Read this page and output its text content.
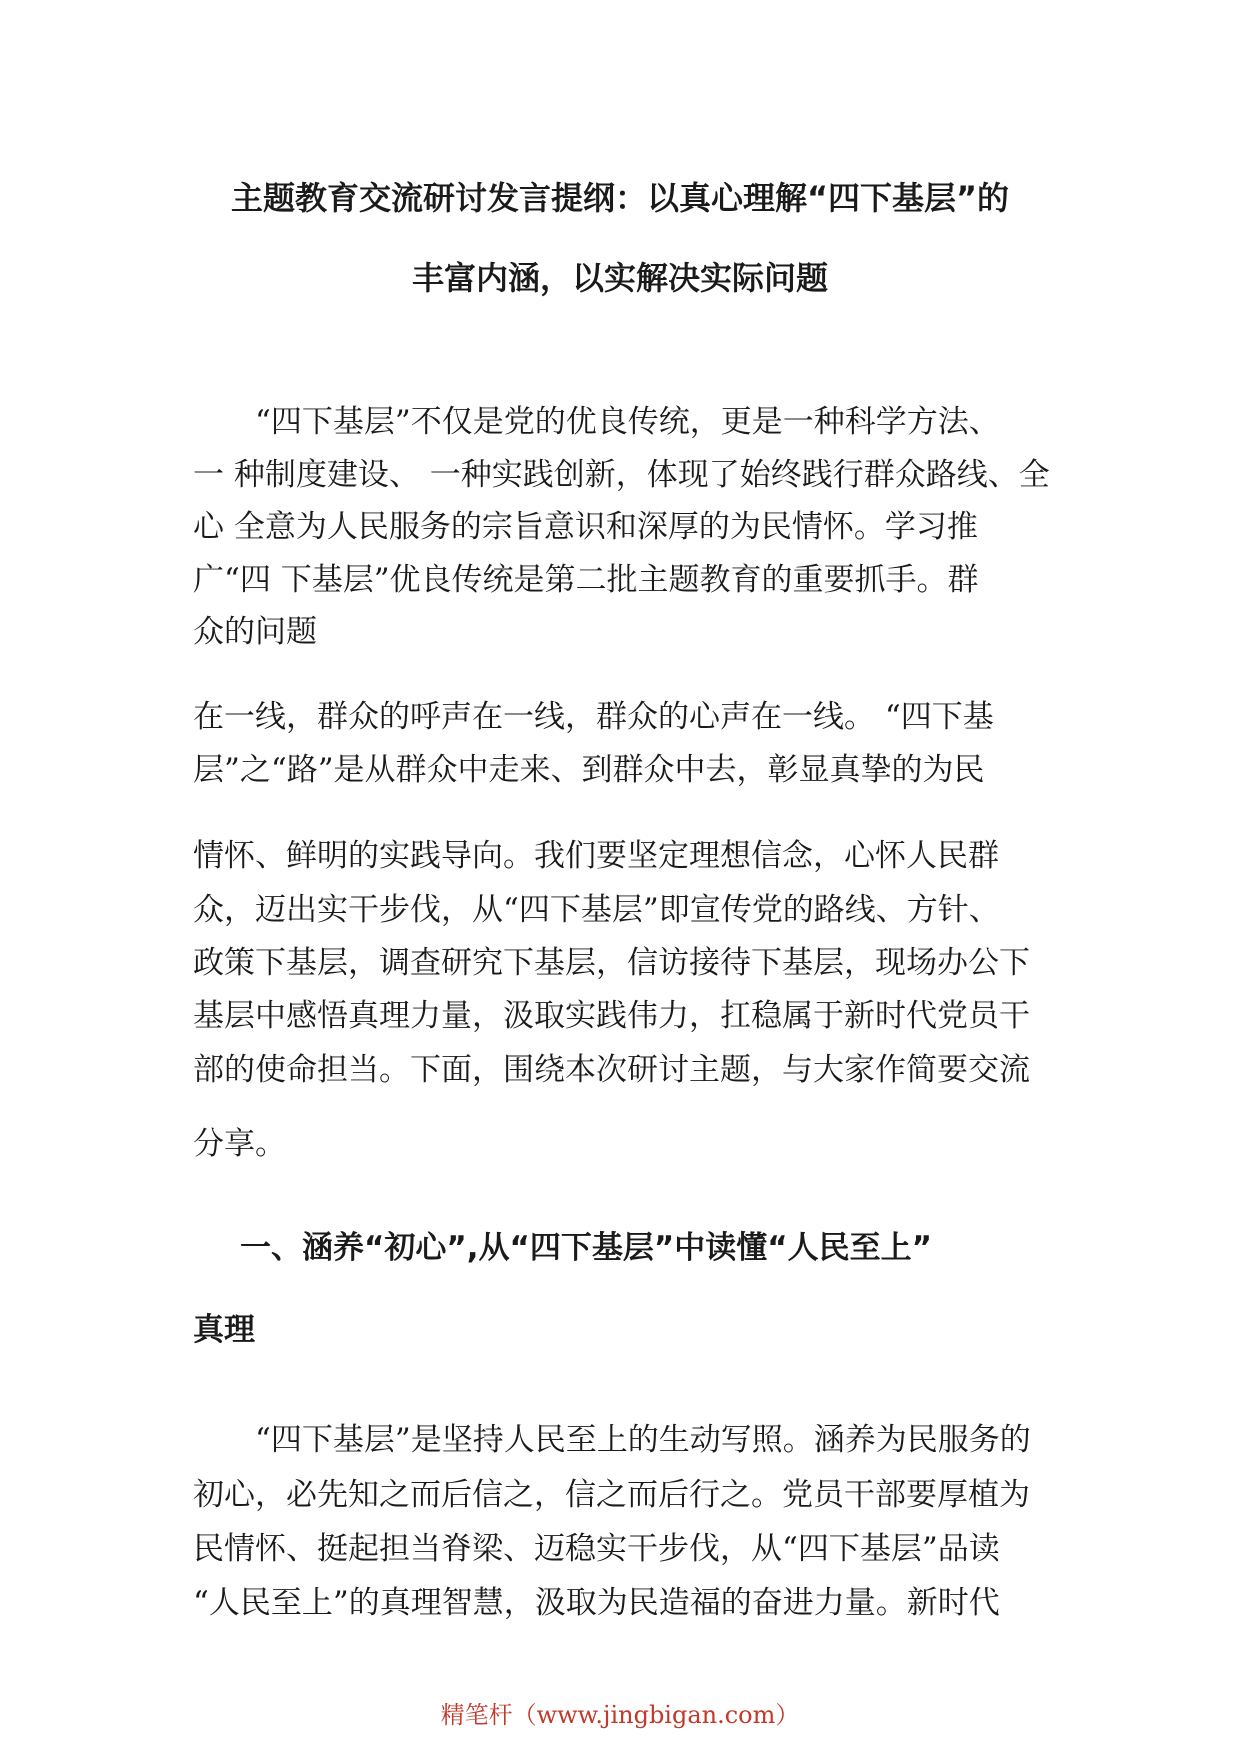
主题教育交流研讨发言提纲：以真心理解“四下基层”的
丰富内涵，以实解决实际问题
“四下基层”不仅是党的优良传统，更是一种科学方法、
一 种制度建设、 一种实践创新，体现了始终践行群众路线、全
心 全意为人民服务的宗旨意识和深厚的为民情怀。学习推
广“四 下基层”优良传统是第二批主题教育的重要抓手。群
众的问题
在一线，群众的呼声在一线，群众的心声在一线。 “四下基
层”之“路”是从群众中走来、到群众中去，彰显真挚的为民
情怀、鲜明的实践导向。我们要坚定理想信念，心怀人民群
众，迈出实干步伐，从“四下基层”即宣传党的路线、方针、
政策下基层，调查研究下基层，信访接待下基层，现场办公下
基层中感悟真理力量，汲取实践伟力，扛稳属于新时代党员干
部的使命担当。下面，围绕本次研讨主题，与大家作简要交流
分享。
一、涵养“初心”,从“四下基层”中读懂“人民至上”
真理
“四下基层”是坚持人民至上的生动写照。涵养为民服务的
初心，必先知之而后信之，信之而后行之。党员干部要厚植为
民情怀、挺起担当脊梁、迈稳实干步伐，从“四下基层”品读
“人民至上”的真理智慧，汲取为民造福的奋进力量。新时代
精笔杆（www.jingbigan.com）
